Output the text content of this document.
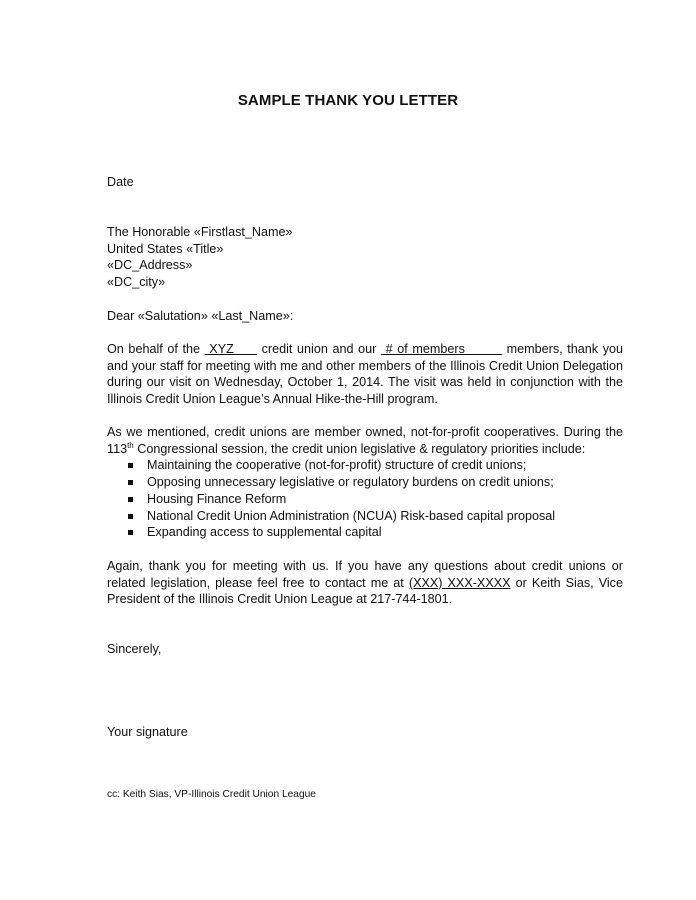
SAMPLE THANK YOU LETTER
Date
The Honorable «Firstlast_Name»
United States «Title»
«DC_Address»
«DC_city»
Dear «Salutation» «Last_Name»:
On behalf of the  XYZ      credit union and our  # of members         members, thank you
and your staff for meeting with me and other members of the Illinois Credit Union Delegation
during our visit on Wednesday, October 1, 2014. The visit was held in conjunction with the
Illinois Credit Union League’s Annual Hike-the-Hill program.
As we mentioned, credit unions are member owned, not-for-profit cooperatives. During the
113th Congressional session, the credit union legislative & regulatory priorities include:
Maintaining the cooperative (not-for-profit) structure of credit unions;
Opposing unnecessary legislative or regulatory burdens on credit unions;
Housing Finance Reform
National Credit Union Administration (NCUA) Risk-based capital proposal
Expanding access to supplemental capital
Again, thank you for meeting with us. If you have any questions about credit unions or
related legislation, please feel free to contact me at (XXX) XXX-XXXX or Keith Sias, Vice
President of the Illinois Credit Union League at 217-744-1801.
Sincerely,
Your signature
cc: Keith Sias, VP-Illinois Credit Union League
